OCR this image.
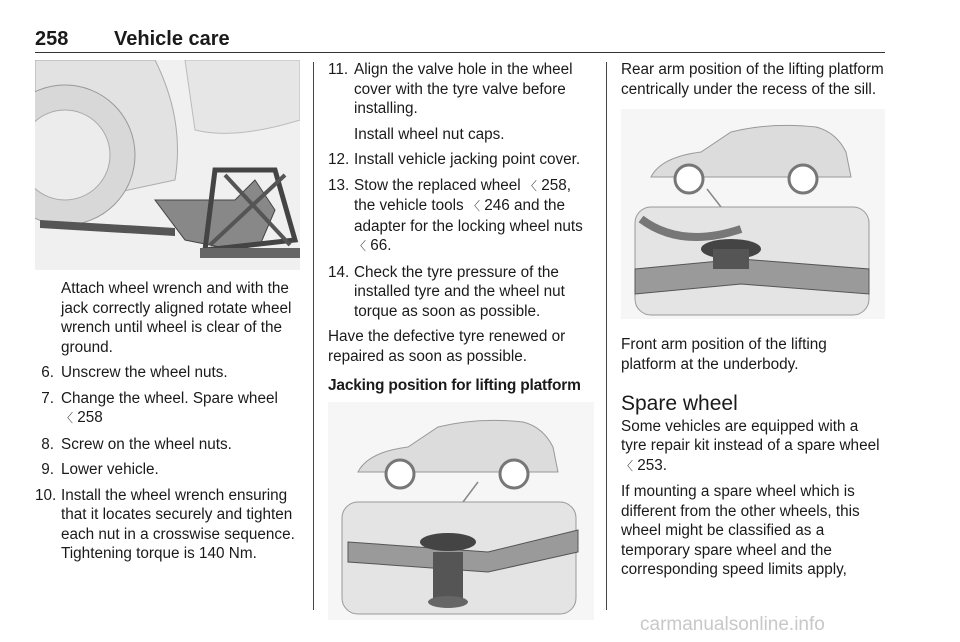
258 Vehicle care

Attach wheel wrench and with the jack correctly aligned rotate wheel wrench until wheel is clear of the ground.

6. Unscrew the wheel nuts.
7. Change the wheel. Spare wheel
〈 258
8. Screw on the wheel nuts.
9. Lower vehicle.
10. Install the wheel wrench ensuring that it locates securely and tighten each nut in a crosswise sequence. Tightening torque is 140 Nm.
11. Align the valve hole in the wheel cover with the tyre valve before installing.

Install wheel nut caps.
12. Install vehicle jacking point cover.
13. Stow the replaced wheel 〈 258, the vehicle tools 〈 246 and the adapter for the locking wheel nuts 〈 66.
14. Check the tyre pressure of the installed tyre and the wheel nut torque as soon as possible.

Have the defective tyre renewed or repaired as soon as possible.

Jacking position for lifting platform

Rear arm position of the lifting platform centrically under the recess of the sill.

Front arm position of the lifting platform at the underbody.

Spare wheel

Some vehicles are equipped with a tyre repair kit instead of a spare wheel
〈 253.

If mounting a spare wheel which is different from the other wheels, this wheel might be classified as a temporary spare wheel and the corresponding speed limits apply,

carmanualsonline.info
